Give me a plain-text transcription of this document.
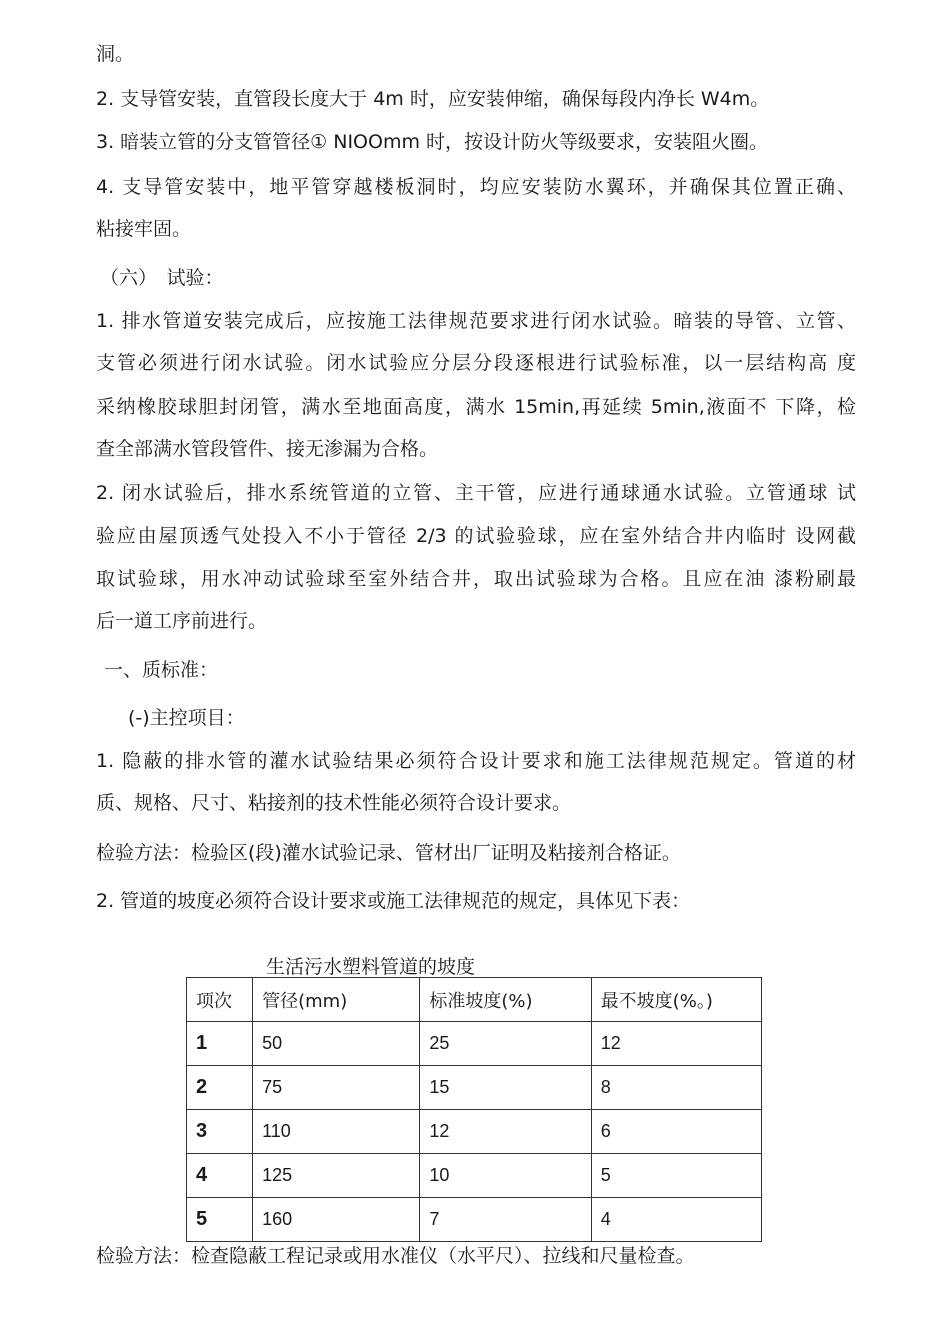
洞。
2. 支导管安装，直管段长度大于 4m 时，应安装伸缩，确保每段内净长 W4m。
3. 暗装立管的分支管管径① NIOOmm 时，按设计防火等级要求，安装阻火圈。
4. 支导管安装中，地平管穿越楼板洞时，均应安装防水翼环，并确保其位置正确、
粘接牢固。
（六）　试验：
1. 排水管道安装完成后，应按施工法律规范要求进行闭水试验。暗装的导管、立管、
支管必须进行闭水试验。闭水试验应分层分段逐根进行试验标准，以一层结构高 度
采纳橡胶球胆封闭管，满水至地面高度，满水 15min,再延续 5min,液面不 下降，检
查全部满水管段管件、接无渗漏为合格。
2. 闭水试验后，排水系统管道的立管、主干管，应进行通球通水试验。立管通球 试
验应由屋顶透气处投入不小于管径 2/3 的试验验球，应在室外结合井内临时 设网截
取试验球，用水冲动试验球至室外结合井，取出试验球为合格。且应在油 漆粉刷最
后一道工序前进行。
一、质标准：
(-)主控项目：
1. 隐蔽的排水管的灌水试验结果必须符合设计要求和施工法律规范规定。管道的材
质、规格、尺寸、粘接剂的技术性能必须符合设计要求。
检验方法：检验区(段)灌水试验记录、管材出厂证明及粘接剂合格证。
2. 管道的坡度必须符合设计要求或施工法律规范的规定，具体见下表：
生活污水塑料管道的坡度
项次	管径(mm)	标准坡度(%)	最不坡度(%。)
1	50	25	12
2	75	15	8
3	110	12	6
4	125	10	5
5	160	7	4
检验方法：检查隐蔽工程记录或用水准仪（水平尺）、拉线和尺量检查。
